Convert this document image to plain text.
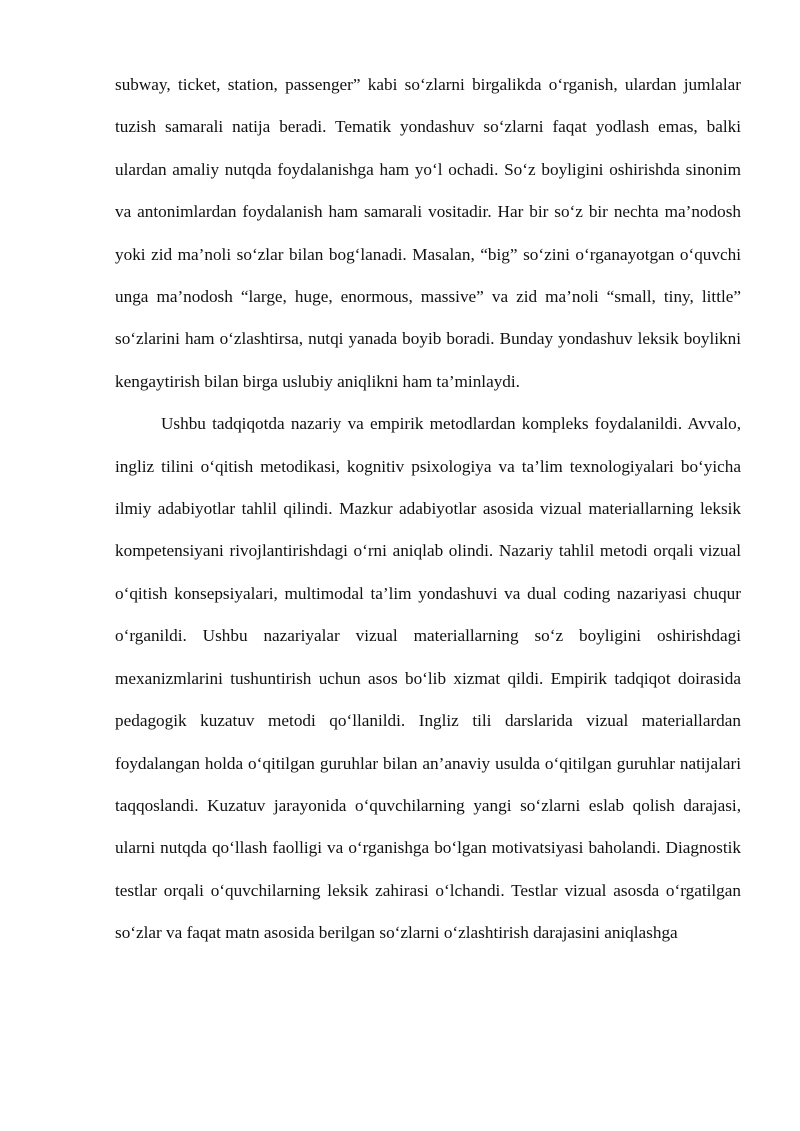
subway, ticket, station, passenger” kabi so‘zlarni birgalikda o‘rganish, ulardan jumlalar tuzish samarali natija beradi. Tematik yondashuv so‘zlarni faqat yodlash emas, balki ulardan amaliy nutqda foydalanishga ham yo‘l ochadi. So‘z boyligini oshirishda sinonim va antonimlardan foydalanish ham samarali vositadir. Har bir so‘z bir nechta ma’nodosh yoki zid ma’noli so‘zlar bilan bog‘lanadi. Masalan, “big” so‘zini o‘rganayotgan o‘quvchi unga ma’nodosh “large, huge, enormous, massive” va zid ma’noli “small, tiny, little” so‘zlarini ham o‘zlashtirsa, nutqi yanada boyib boradi. Bunday yondashuv leksik boylikni kengaytirish bilan birga uslubiy aniqlikni ham ta’minlaydi.

Ushbu tadqiqotda nazariy va empirik metodlardan kompleks foydalanildi. Avvalo, ingliz tilini o‘qitish metodikasi, kognitiv psixologiya va ta’lim texnologiyalari bo‘yicha ilmiy adabiyotlar tahlil qilindi. Mazkur adabiyotlar asosida vizual materiallarning leksik kompetensiyani rivojlantirishdagi o‘rni aniqlab olindi. Nazariy tahlil metodi orqali vizual o‘qitish konsepsiyalari, multimodal ta’lim yondashuvi va dual coding nazariyasi chuqur o‘rganildi. Ushbu nazariyalar vizual materiallarning so‘z boyligini oshirishdagi mexanizmlarini tushuntirish uchun asos bo‘lib xizmat qildi. Empirik tadqiqot doirasida pedagogik kuzatuv metodi qo‘llanildi. Ingliz tili darslarida vizual materiallardan foydalangan holda o‘qitilgan guruhlar bilan an’anaviy usulda o‘qitilgan guruhlar natijalari taqqoslandi. Kuzatuv jarayonida o‘quvchilarning yangi so‘zlarni eslab qolish darajasi, ularni nutqda qo‘llash faolligi va o‘rganishga bo‘lgan motivatsiyasi baholandi. Diagnostik testlar orqali o‘quvchilarning leksik zahirasi o‘lchandi. Testlar vizual asosda o‘rgatilgan so‘zlar va faqat matn asosida berilgan so‘zlarni o‘zlashtirish darajasini aniqlashga
